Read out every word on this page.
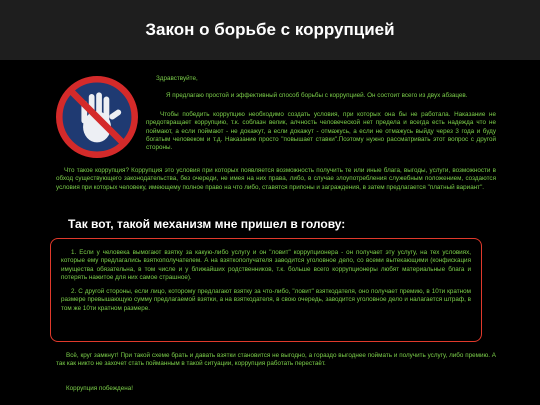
Закон о борьбе с коррупцией

Здравствуйте,

Я предлагаю простой и эффективный способ борьбы с коррупцией. Он состоит всего из двух абзацев.

Чтобы победить коррупцию необходимо создать условия, при которых она бы не работала. Наказание не предотвращает коррупцию, т.к. соблазн велик, алчность человеческой нет предела и всегда есть надежда что не поймают, а если поймают - не докажут, а если докажут - отмажусь, а если не отмажусь выйду через 3 года и буду богатым человеком и т.д. Наказание просто "повышает ставки".Поэтому нужно рассматривать этот вопрос с другой стороны.

Что такое коррупция? Коррупция это условия при которых появляется возможность получить те или иные блага, выгоды, услуги, возможности в обход существующего законодательства, без очереди, не имея на них права, либо, в случае злоупотребления служебным положением, создаются условия при которых человеку, имеющему полное право на что либо, ставятся припоны и заграждения, в затем предлагается "платный вариант".

Так вот, такой механизм мне пришел в голову:

1. Если у человека вымогают взятку за какую-либо услугу и он "ловит" коррупционера - он получает эту услугу, на тех условиях, которые ему предлагались взяткополучателем. А на взяткополучателя заводится уголовное дело, со всеми вытекающими (конфискация имущества обязательна, в том числе и у ближайших родственников, т.к. больше всего коррупционеры любят материальные блага и потерять нажитое для них самое страшное).

2. С другой стороны, если лицо, которому предлагают взятку за что-либо, "ловит" взяткодателя, оно получает премию, в 10ти кратном размере превышающую сумму предлагаемой взятки, а на взяткодателя, в свою очередь, заводится уголовное дело и налагается штраф, в том же 10ти кратном размере.

Всё, круг замкнут! При такой схеме брать и давать взятки становится не выгодно, а гораздо выгоднее поймать и получить услугу, либо премию. А так как никто не захочет стать пойманным в такой ситуации, коррупция работать перестаёт.

Коррупция побеждена!
